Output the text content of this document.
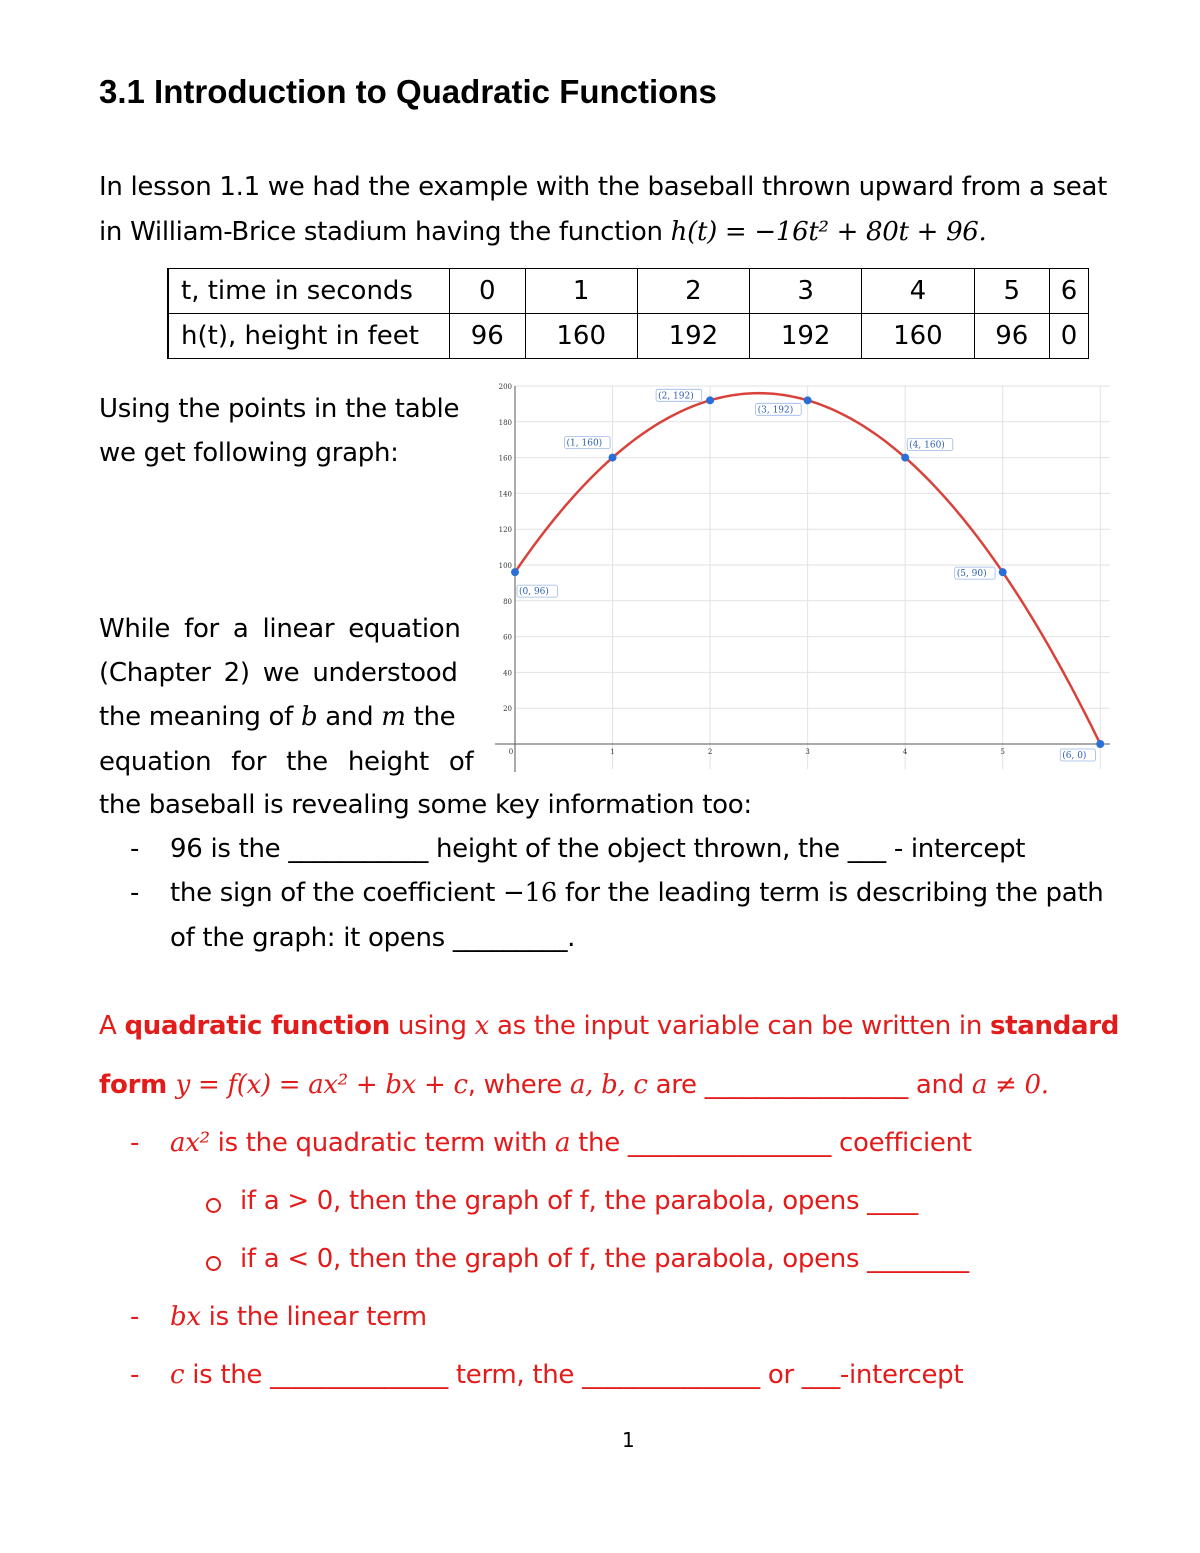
3.1 Introduction to Quadratic Functions
In lesson 1.1 we had the example with the baseball thrown upward from a seat
in William-Brice stadium having the function h(t) = −16t² + 80t + 96.
t, time in seconds	0	1	2	3	4	5	6
h(t), height in feet	96	160	192	192	160	96	0
Using the points in the table
we get following graph:
20
40
60
80
100
120
140
160
180
200
0	1	2	3	4	5
(0, 96)
(1, 160)
(2, 192)
(3, 192)
(4, 160)
(5, 90)
(6, 0)
While for a linear equation
(Chapter 2) we understood
the meaning of b and m the
equation for the height of
the baseball is revealing some key information too:
- 96 is the ___________ height of the object thrown, the ___ - intercept
- the sign of the coefficient −16 for the leading term is describing the path
of the graph: it opens _________.
A quadratic function using x as the input variable can be written in standard
form y = f(x) = ax² + bx + c, where a, b, c are ________________ and a ≠ 0.
- ax² is the quadratic term with a the ________________ coefficient
if a > 0, then the graph of f, the parabola, opens ____
if a < 0, then the graph of f, the parabola, opens ________
- bx is the linear term
- c is the ______________ term, the ______________ or ___-intercept
1
